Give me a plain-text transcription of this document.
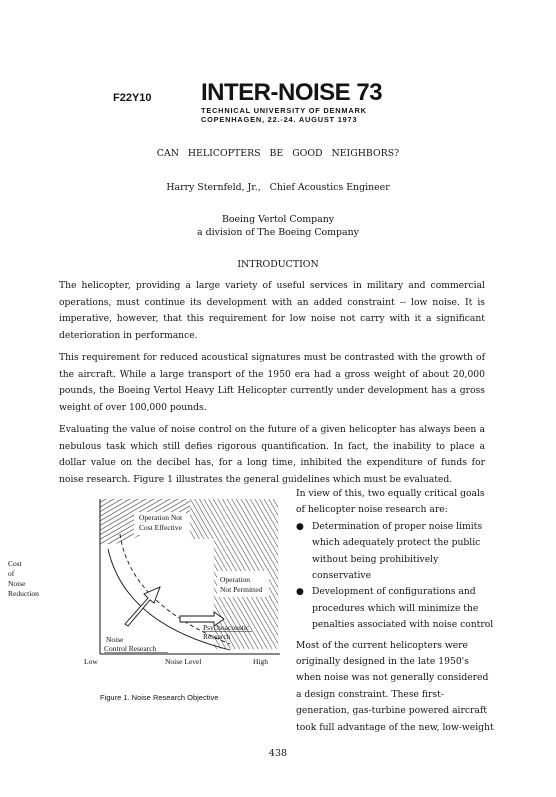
F22Y10 INTER-NOISE 73
TECHNICAL UNIVERSITY OF DENMARK
COPENHAGEN, 22.-24. AUGUST 1973
CAN   HELICOPTERS   BE   GOOD   NEIGHBORS?
Harry Sternfeld, Jr.,   Chief Acoustics Engineer
Boeing Vertol Company
a division of The Boeing Company
INTRODUCTION

The helicopter, providing a large variety of useful services in military and commercial operations, must continue its development with an added constraint -- low noise. It is imperative, however, that this requirement for low noise not carry with it a significant deterioration in performance.

This requirement for reduced acoustical signatures must be contrasted with the growth of the aircraft. While a large transport of the 1950 era had a gross weight of about 20,000 pounds, the Boeing Vertol Heavy Lift Helicopter currently under development has a gross weight of over 100,000 pounds.

Evaluating the value of noise control on the future of a given helicopter has always been a nebulous task which still defies rigorous quantification. In fact, the inability to place a dollar value on the decibel has, for a long time, inhibited the expenditure of funds for noise research. Figure 1 illustrates the general guidelines which must be evaluated.

In view of this, two equally critical goals of helicopter noise research are:

● Determination of proper noise limits which adequately protect the public without being prohibitively conservative
● Development of configurations and procedures which will minimize the penalties associated with noise control

Most of the current helicopters were originally designed in the late 1950's when noise was not generally considered a design constraint. These first-generation, gas-turbine powered aircraft took full advantage of the new, low-weight

Operation Not
Cost Effective
Operation
Not Permitted
Cost
of
Noise
Reduction
Psychoacoustic
Research
Noise
Control Research
Low	Noise Level	High
Figure 1. Noise Research Objective
438
